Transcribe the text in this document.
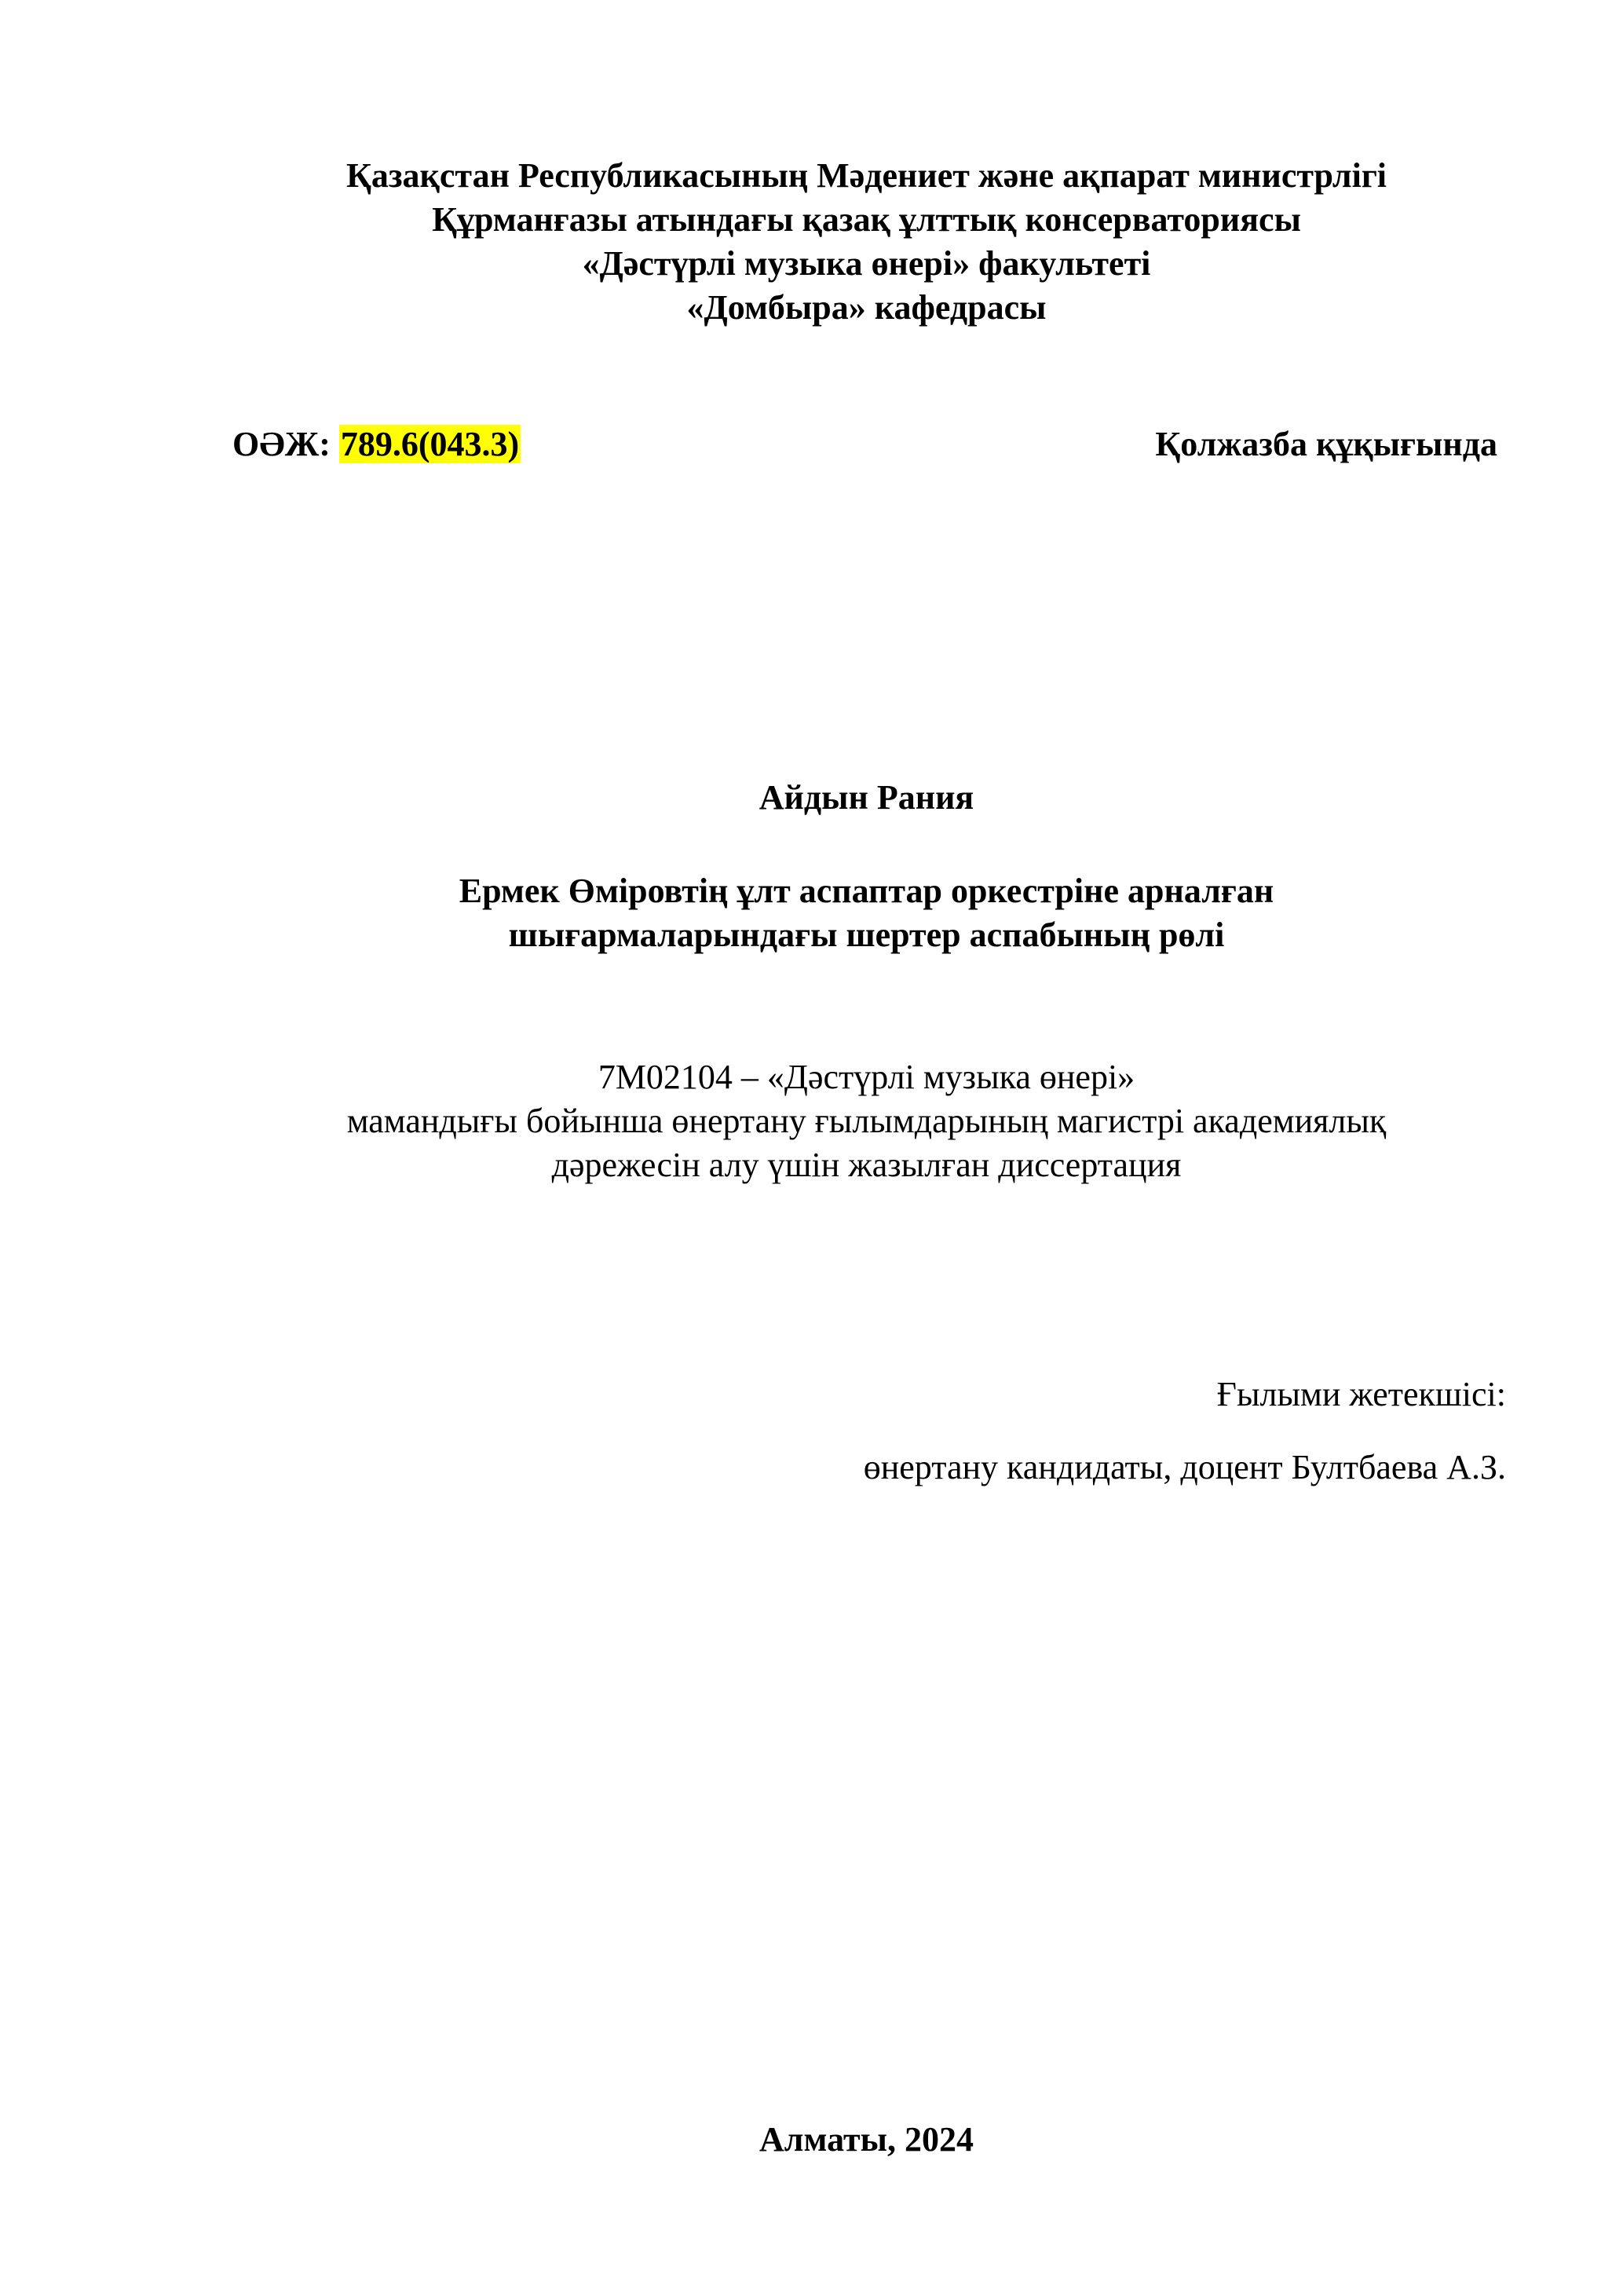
Қазақстан Республикасының Мәдениет және ақпарат министрлігі
Құрманғазы атындағы қазақ ұлттық консерваториясы
«Дәстүрлі музыка өнері» факультеті
«Домбыра» кафедрасы
ОӘЖ: 789.6(043.3)	Қолжазба құқығында
Айдын Рания
Ермек Өміровтің ұлт аспаптар оркестріне арналған
шығармаларындағы шертер аспабының рөлі
7М02104 – «Дәстүрлі музыка өнері»
мамандығы бойынша өнертану ғылымдарының магистрі академиялық
дәрежесін алу үшін жазылған диссертация
Ғылыми жетекшісі:
өнертану кандидаты, доцент Бултбаева А.З.
Алматы, 2024
